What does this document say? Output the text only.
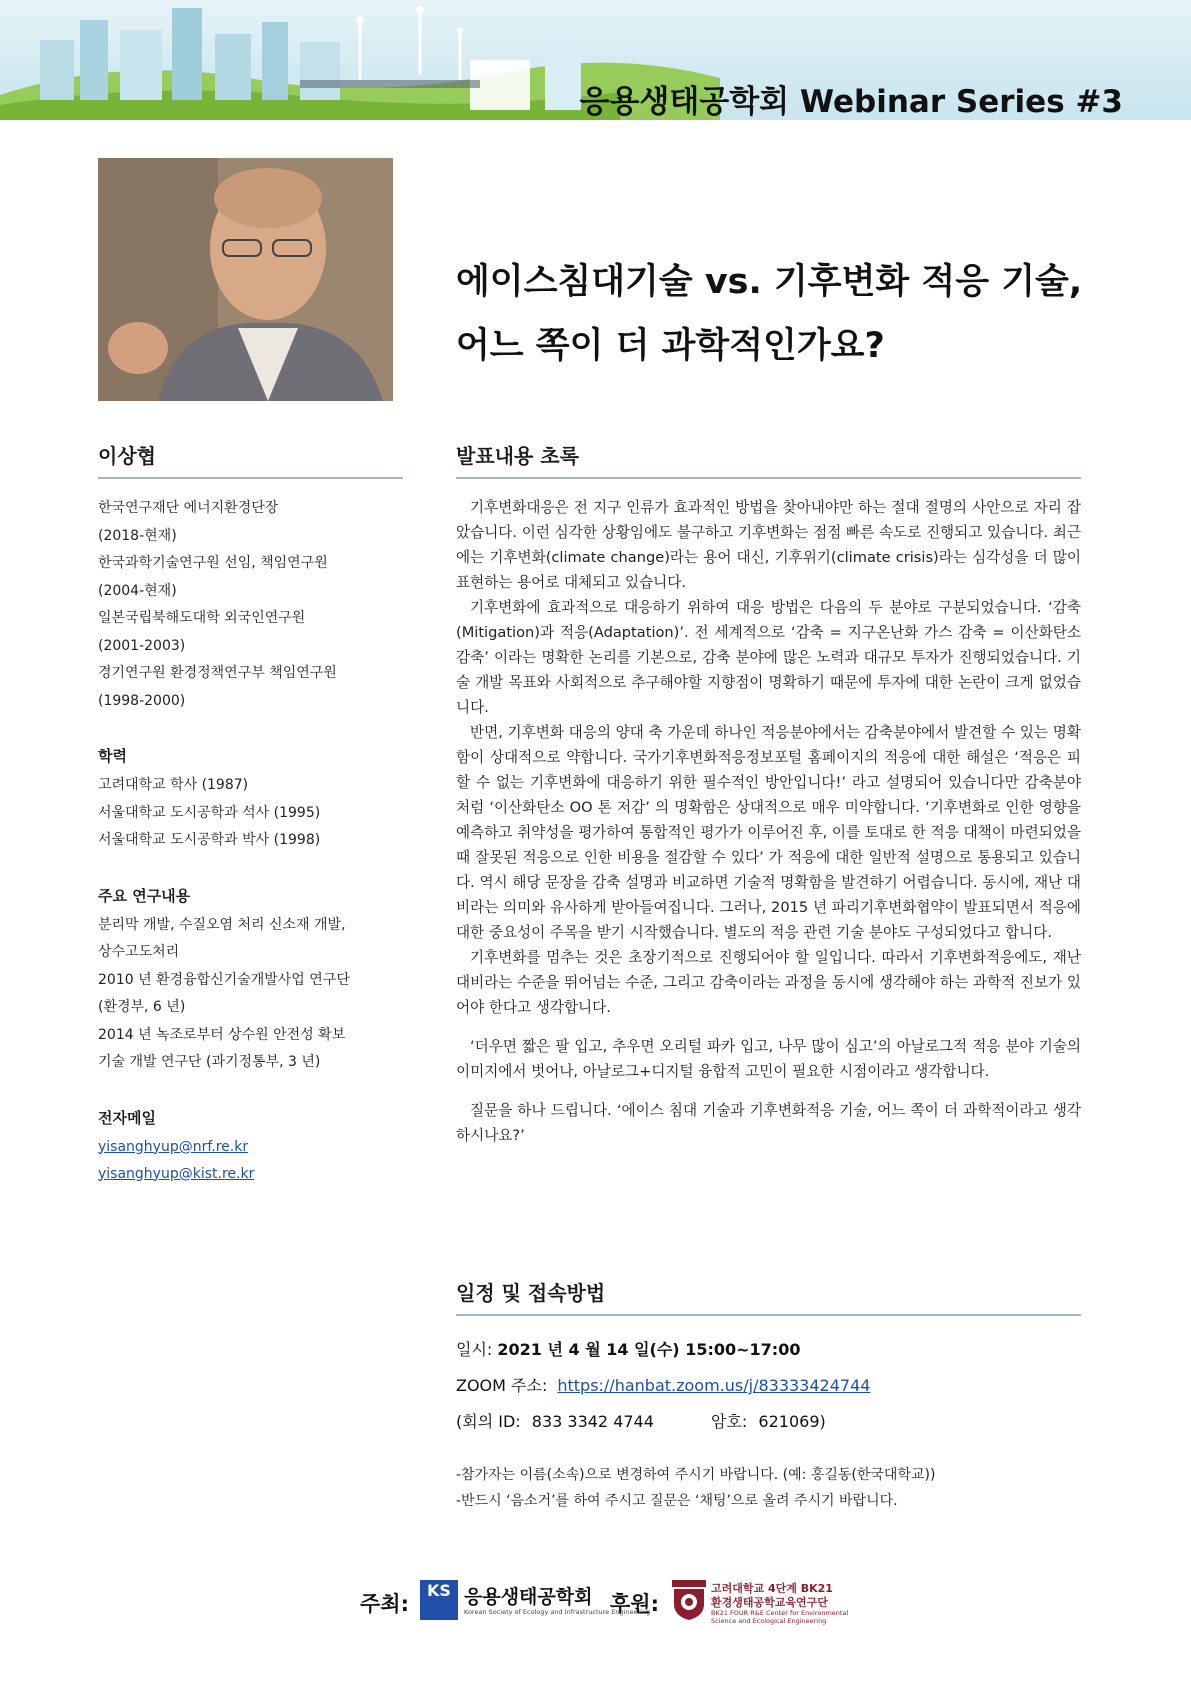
응용생태공학회 Webinar Series #3
에이스침대기술 vs. 기후변화 적응 기술,
어느 쪽이 더 과학적인가요?
이상협
한국연구재단 에너지환경단장
(2018-현재)
한국과학기술연구원 선임, 책임연구원
(2004-현재)
일본국립북해도대학 외국인연구원
(2001-2003)
경기연구원 환경정책연구부 책임연구원
(1998-2000)
학력
고려대학교 학사 (1987)
서울대학교 도시공학과 석사 (1995)
서울대학교 도시공학과 박사 (1998)
주요 연구내용
분리막 개발, 수질오염 처리 신소재 개발,
상수고도처리
2010 년 환경융합신기술개발사업 연구단
(환경부, 6 년)
2014 년 녹조로부터 상수원 안전성 확보
기술 개발 연구단 (과기정통부, 3 년)
전자메일
yisanghyup@nrf.re.kr
yisanghyup@kist.re.kr
발표내용 초록

기후변화대응은 전 지구 인류가 효과적인 방법을 찾아내야만 하는 절대 절명의 사안으로 자리 잡았습니다. 이런 심각한 상황임에도 불구하고 기후변화는 점점 빠른 속도로 진행되고 있습니다. 최근에는 기후변화(climate change)라는 용어 대신, 기후위기(climate crisis)라는 심각성을 더 많이 표현하는 용어로 대체되고 있습니다.

기후변화에 효과적으로 대응하기 위하여 대응 방법은 다음의 두 분야로 구분되었습니다. ‘감축(Mitigation)과 적응(Adaptation)’. 전 세계적으로 ‘감축 = 지구온난화 가스 감축 = 이산화탄소 감축’ 이라는 명확한 논리를 기본으로, 감축 분야에 많은 노력과 대규모 투자가 진행되었습니다. 기술 개발 목표와 사회적으로 추구해야할 지향점이 명확하기 때문에 투자에 대한 논란이 크게 없었습니다.

반면, 기후변화 대응의 양대 축 가운데 하나인 적응분야에서는 감축분야에서 발견할 수 있는 명확함이 상대적으로 약합니다. 국가기후변화적응정보포털 홈페이지의 적응에 대한 해설은 ‘적응은 피할 수 없는 기후변화에 대응하기 위한 필수적인 방안입니다!’ 라고 설명되어 있습니다만 감축분야처럼 ‘이산화탄소 OO 톤 저감’ 의 명확함은 상대적으로 매우 미약합니다. ‘기후변화로 인한 영향을 예측하고 취약성을 평가하여 통합적인 평가가 이루어진 후, 이를 토대로 한 적응 대책이 마련되었을 때 잘못된 적응으로 인한 비용을 절감할 수 있다’ 가 적응에 대한 일반적 설명으로 통용되고 있습니다. 역시 해당 문장을 감축 설명과 비교하면 기술적 명확함을 발견하기 어렵습니다. 동시에, 재난 대비라는 의미와 유사하게 받아들여집니다. 그러나, 2015 년 파리기후변화협약이 발표되면서 적응에 대한 중요성이 주목을 받기 시작했습니다. 별도의 적응 관련 기술 분야도 구성되었다고 합니다.

기후변화를 멈추는 것은 초장기적으로 진행되어야 할 일입니다. 따라서 기후변화적응에도, 재난 대비라는 수준을 뛰어넘는 수준, 그리고 감축이라는 과정을 동시에 생각해야 하는 과학적 진보가 있어야 한다고 생각합니다.

‘더우면 짧은 팔 입고, 추우면 오리털 파카 입고, 나무 많이 심고’의 아날로그적 적응 분야 기술의 이미지에서 벗어나, 아날로그+디지털 융합적 고민이 필요한 시점이라고 생각합니다.

질문을 하나 드립니다. ‘에이스 침대 기술과 기후변화적응 기술, 어느 쪽이 더 과학적이라고 생각하시나요?’

일정 및 접속방법
일시: 2021 년 4 월 14 일(수) 15:00~17:00
ZOOM 주소: https://hanbat.zoom.us/j/83333424744
(회의 ID: 833 3342 4744	암호: 621069)
-참가자는 이름(소속)으로 변경하여 주시기 바랍니다. (예: 홍길동(한국대학교))
-반드시 ‘음소거’를 하여 주시고 질문은 ‘채팅’으로 올려 주시기 바랍니다.
주최:
KS 응용생태공학회
Korean Society of Ecology and Infrastructure Engineering
후원:
고려대학교 4단계 BK21
환경생태공학교육연구단
BK21 FOUR R&E Center for Environmental Science and Ecological Engineering
